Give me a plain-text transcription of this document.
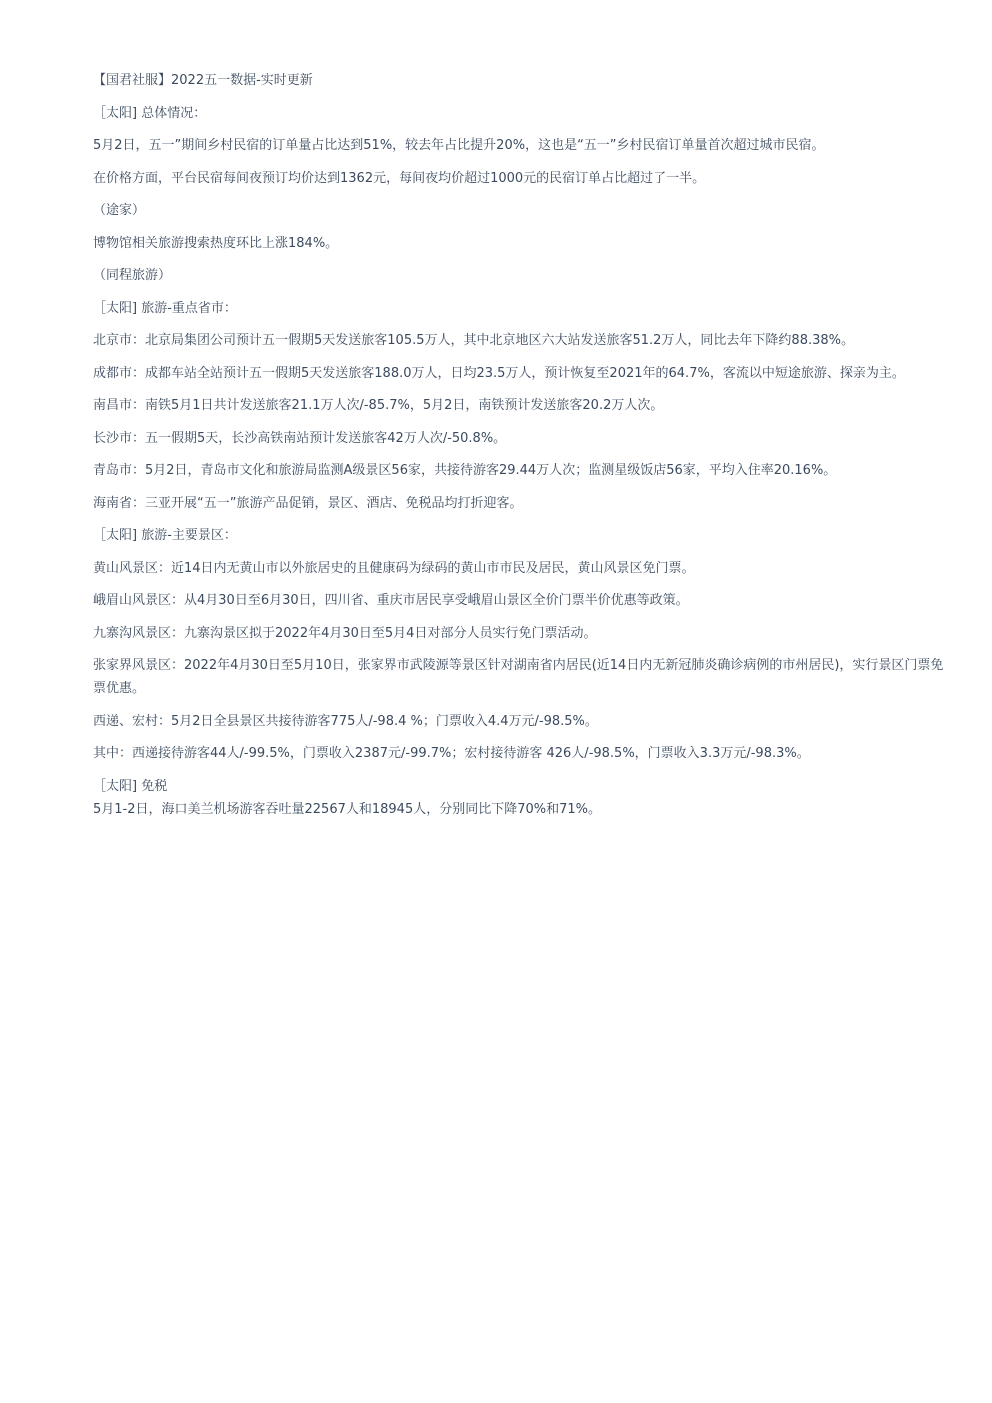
【国君社服】2022五一数据-实时更新

［太阳] 总体情况：

5月2日，五一”期间乡村民宿的订单量占比达到51%，较去年占比提升20%，这也是“五一”乡村民宿订单量首次超过城市民宿。

在价格方面，平台民宿每间夜预订均价达到1362元，每间夜均价超过1000元的民宿订单占比超过了一半。

（途家）

博物馆相关旅游搜索热度环比上涨184%。

（同程旅游）

［太阳] 旅游-重点省市：

北京市：北京局集团公司预计五一假期5天发送旅客105.5万人，其中北京地区六大站发送旅客51.2万人，同比去年下降约88.38%。

成都市：成都车站全站预计五一假期5天发送旅客188.0万人，日均23.5万人，预计恢复至2021年的64.7%，客流以中短途旅游、探亲为主。

南昌市：南铁5月1日共计发送旅客21.1万人次/-85.7%，5月2日，南铁预计发送旅客20.2万人次。

长沙市：五一假期5天，长沙高铁南站预计发送旅客42万人次/-50.8%。

青岛市：5月2日，青岛市文化和旅游局监测A级景区56家，共接待游客29.44万人次；监测星级饭店56家，平均入住率20.16%。

海南省：三亚开展“五一”旅游产品促销，景区、酒店、免税品均打折迎客。

［太阳] 旅游-主要景区：

黄山风景区：近14日内无黄山市以外旅居史的且健康码为绿码的黄山市市民及居民，黄山风景区免门票。

峨眉山风景区：从4月30日至6月30日，四川省、重庆市居民享受峨眉山景区全价门票半价优惠等政策。

九寨沟风景区：九寨沟景区拟于2022年4月30日至5月4日对部分人员实行免门票活动。

张家界风景区：2022年4月30日至5月10日，张家界市武陵源等景区针对湖南省内居民(近14日内无新冠肺炎确诊病例的市州居民)，实行景区门票免票优惠。

西递、宏村：5月2日全县景区共接待游客775人/-98.4 %；门票收入4.4万元/-98.5%。

其中：西递接待游客44人/-99.5%，门票收入2387元/-99.7%；宏村接待游客 426人/-98.5%，门票收入3.3万元/-98.3%。

［太阳] 免税

5月1-2日，海口美兰机场游客吞吐量22567人和18945人，分别同比下降70%和71%。
